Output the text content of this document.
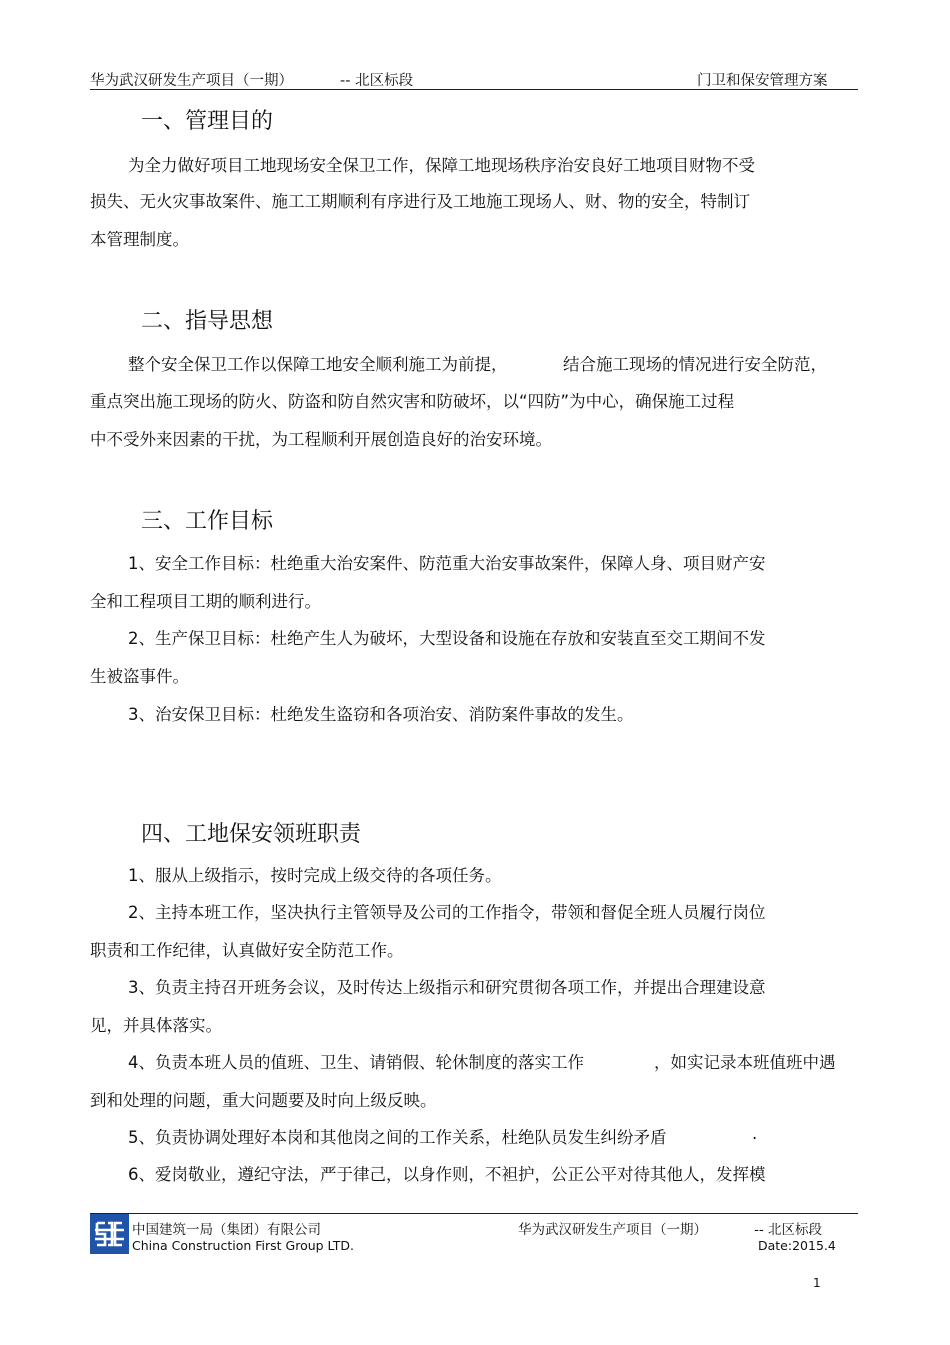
华为武汉研发生产项目（一期）	-- 北区标段	门卫和保安管理方案
一、管理目的
为全力做好项目工地现场安全保卫工作，保障工地现场秩序治安良好工地项目财物不受
损失、无火灾事故案件、施工工期顺利有序进行及工地施工现场人、财、物的安全，特制订
本管理制度。
二、指导思想
整个安全保卫工作以保障工地安全顺利施工为前提，	结合施工现场的情况进行安全防范，
重点突出施工现场的防火、防盗和防自然灾害和防破坏，以“四防”为中心，确保施工过程
中不受外来因素的干扰，为工程顺利开展创造良好的治安环境。
三、工作目标
1、安全工作目标：杜绝重大治安案件、防范重大治安事故案件，保障人身、项目财产安
全和工程项目工期的顺利进行。
2、生产保卫目标：杜绝产生人为破坏，大型设备和设施在存放和安装直至交工期间不发
生被盗事件。
3、治安保卫目标：杜绝发生盗窃和各项治安、消防案件事故的发生。
四、工地保安领班职责
1、服从上级指示，按时完成上级交待的各项任务。
2、主持本班工作，坚决执行主管领导及公司的工作指令，带领和督促全班人员履行岗位
职责和工作纪律，认真做好安全防范工作。
3、负责主持召开班务会议，及时传达上级指示和研究贯彻各项工作，并提出合理建设意
见，并具体落实。
4、负责本班人员的值班、卫生、请销假、轮休制度的落实工作	，如实记录本班值班中遇
到和处理的问题，重大问题要及时向上级反映。
5、负责协调处理好本岗和其他岗之间的工作关系，杜绝队员发生纠纷矛盾	.
6、爱岗敬业，遵纪守法，严于律己，以身作则，不袒护，公正公平对待其他人，发挥模
中国建筑一局（集团）有限公司
China Construction First Group LTD.
华为武汉研发生产项目（一期）	-- 北区标段
Date:2015.4
1
